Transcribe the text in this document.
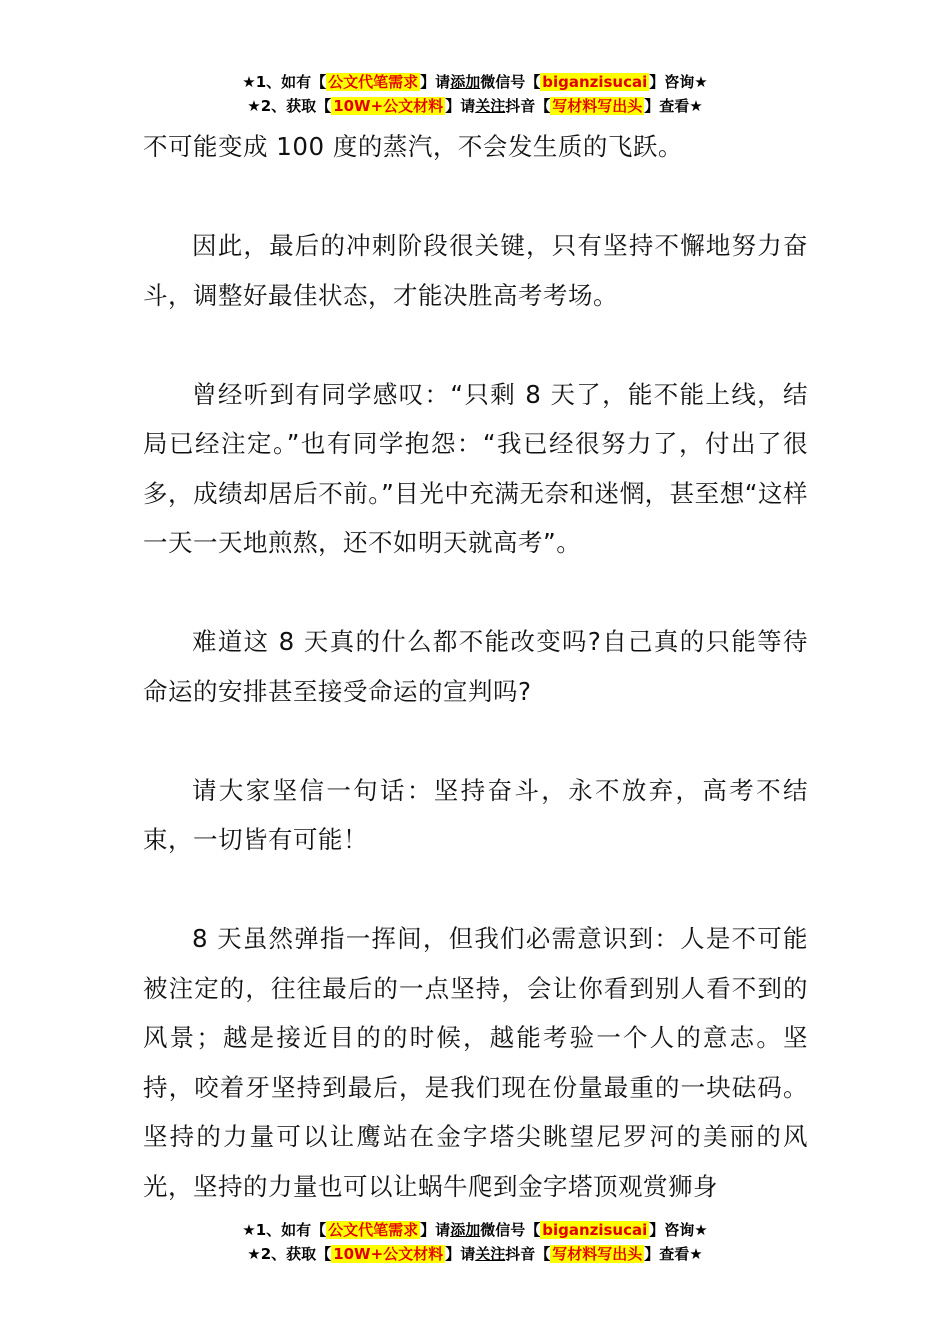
★1、如有【 公文代笔需求 】请添加微信号【 biganzisucai 】咨询★
★2、获取【 10W+公文材料 】请关注抖音【 写材料写出头 】查看★

不可能变成 100 度的蒸汽，不会发生质的飞跃。

因此，最后的冲刺阶段很关键，只有坚持不懈地努力奋斗，调整好最佳状态，才能决胜高考考场。

曾经听到有同学感叹：“只剩 8 天了，能不能上线，结局已经注定。”也有同学抱怨：“我已经很努力了，付出了很多，成绩却居后不前。”目光中充满无奈和迷惘，甚至想“这样一天一天地煎熬，还不如明天就高考”。

难道这 8 天真的什么都不能改变吗?自己真的只能等待命运的安排甚至接受命运的宣判吗?

请大家坚信一句话：坚持奋斗，永不放弃，高考不结束，一切皆有可能！

8 天虽然弹指一挥间，但我们必需意识到：人是不可能被注定的，往往最后的一点坚持，会让你看到别人看不到的风景；越是接近目的的时候，越能考验一个人的意志。坚持，咬着牙坚持到最后，是我们现在份量最重的一块砝码。坚持的力量可以让鹰站在金字塔尖眺望尼罗河的美丽的风光，坚持的力量也可以让蜗牛爬到金字塔顶观赏狮身

★1、如有【 公文代笔需求 】请添加微信号【 biganzisucai 】咨询★
★2、获取【 10W+公文材料 】请关注抖音【 写材料写出头 】查看★
